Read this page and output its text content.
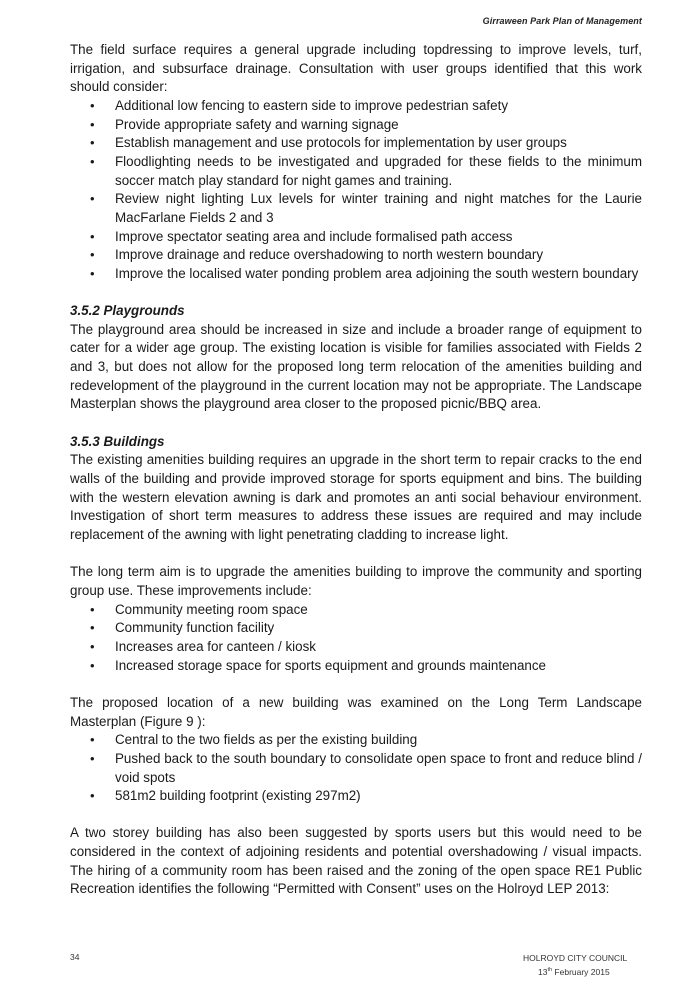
Girraween Park Plan of Management

The field surface requires a general upgrade including topdressing to improve levels, turf, irrigation, and subsurface drainage. Consultation with user groups identified that this work should consider:

• Additional low fencing to eastern side to improve pedestrian safety
• Provide appropriate safety and warning signage
• Establish management and use protocols for implementation by user groups
• Floodlighting needs to be investigated and upgraded for these fields to the minimum soccer match play standard for night games and training.
• Review night lighting Lux levels for winter training and night matches for the Laurie MacFarlane Fields 2 and 3
• Improve spectator seating area and include formalised path access
• Improve drainage and reduce overshadowing to north western boundary
• Improve the localised water ponding problem area adjoining the south western boundary
3.5.2 Playgrounds

The playground area should be increased in size and include a broader range of equipment to cater for a wider age group. The existing location is visible for families associated with Fields 2 and 3, but does not allow for the proposed long term relocation of the amenities building and redevelopment of the playground in the current location may not be appropriate. The Landscape Masterplan shows the playground area closer to the proposed picnic/BBQ area.

3.5.3 Buildings

The existing amenities building requires an upgrade in the short term to repair cracks to the end walls of the building and provide improved storage for sports equipment and bins. The building with the western elevation awning is dark and promotes an anti social behaviour environment. Investigation of short term measures to address these issues are required and may include replacement of the awning with light penetrating cladding to increase light.

The long term aim is to upgrade the amenities building to improve the community and sporting group use. These improvements include:

• Community meeting room space
• Community function facility
• Increases area for canteen / kiosk
• Increased storage space for sports equipment and grounds maintenance

The proposed location of a new building was examined on the Long Term Landscape Masterplan (Figure 9 ):

• Central to the two fields as per the existing building
• Pushed back to the south boundary to consolidate open space to front and reduce blind / void spots
• 581m2 building footprint (existing 297m2)

A two storey building has also been suggested by sports users but this would need to be considered in the context of adjoining residents and potential overshadowing / visual impacts. The hiring of a community room has been raised and the zoning of the open space RE1 Public Recreation identifies the following “Permitted with Consent” uses on the Holroyd LEP 2013:

34	HOLROYD CITY COUNCIL
13th February 2015
